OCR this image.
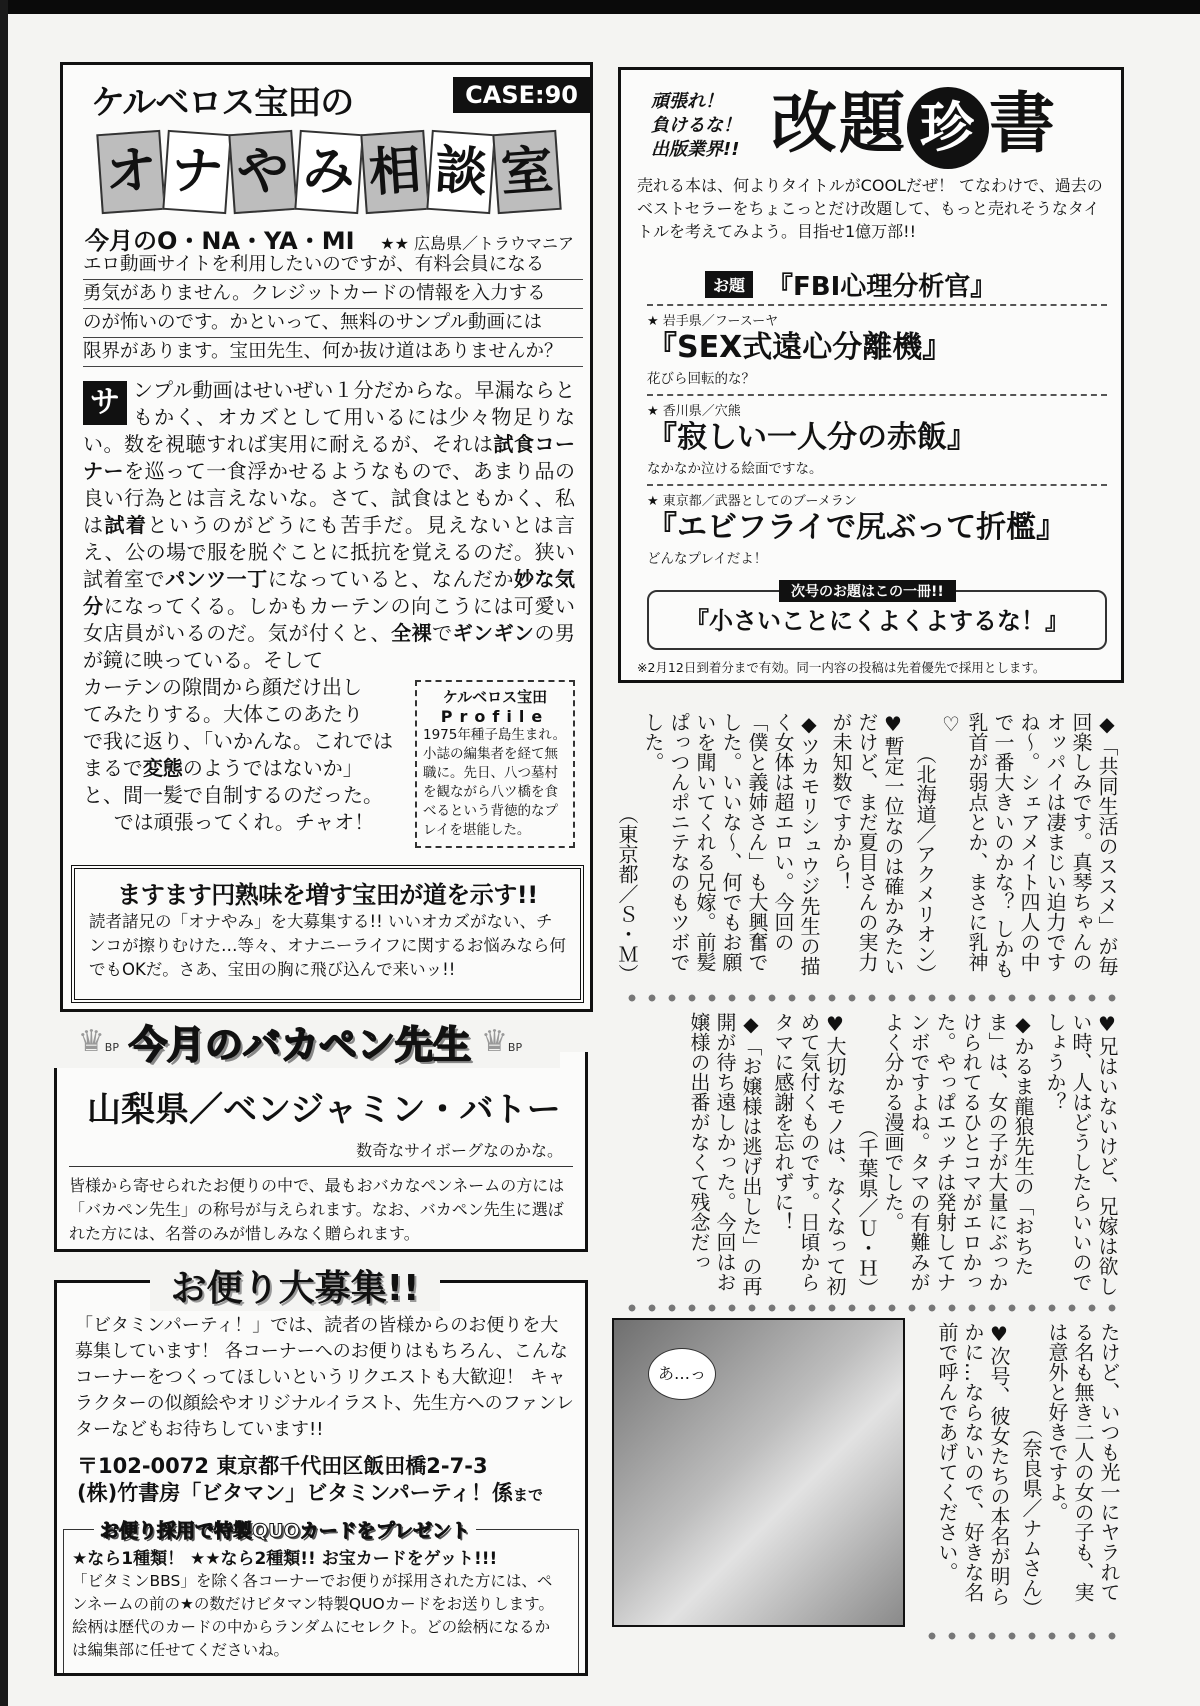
ケルベロス宝田の	CASE:90
オ ナ や み 相 談 室
今月のO・NA・YA・MI ★★ 広島県／トラウマニア
エロ動画サイトを利用したいのですが、有料会員になる
勇気がありません。クレジットカードの情報を入力する
のが怖いのです。かといって、無料のサンプル動画には
限界があります。宝田先生、何か抜け道はありませんか？
サ ンプル動画はせいぜい１分だからな。早漏ならともかく、オカズとして用いるには少々物足りない。数を視聴すれば実用に耐えるが、それは試食コーナーを巡って一食浮かせるようなもので、あまり品の良い行為とは言えないな。さて、試食はともかく、私は試着というのがどうにも苦手だ。見えないとは言え、公の場で服を脱ぐことに抵抗を覚えるのだ。狭い試着室でパンツ一丁になっていると、なんだか妙な気分になってくる。しかもカーテンの向こうには可愛い女店員がいるのだ。気が付くと、全裸でギンギンの男が鏡に映っている。そして
カーテンの隙間から顔だけ出し
てみたりする。大体このあたり
で我に返り、「いかんな。これでは
まるで変態のようではないか」
と、間一髪で自制するのだった。
では頑張ってくれ。チャオ！
ケルベロス宝田
Profile
1975年種子島生まれ。小誌の編集者を経て無職に。先日、八つ墓村を観ながら八ツ橋を食べるという背徳的なプレイを堪能した。
ますます円熟味を増す宝田が道を示す!!

読者諸兄の「オナやみ」を大募集する!! いいオカズがない、チンコが擦りむけた…等々、オナニーライフに関するお悩みなら何でもOKだ。さあ、宝田の胸に飛び込んで来いッ!!

山梨県／ベンジャミン・バトー
数奇なサイボーグなのかな。
皆様から寄せられたお便りの中で、最もおバカなペンネームの方には「バカペン先生」の称号が与えられます。なお、バカペン先生に選ばれた方には、名誉のみが惜しみなく贈られます。
♛BP 今月のバカペン先生 ♛BP
「ビタミンパーティ！」では、読者の皆様からのお便りを大募集しています！ 各コーナーへのお便りはもちろん、こんなコーナーをつくってほしいというリクエストも大歓迎！ キャラクターの似顔絵やオリジナルイラスト、先生方へのファンレターなどもお待ちしています!!
〒102-0072 東京都千代田区飯田橋2-7-3
(株)竹書房「ビタマン」ビタミンパーティ！係まで
お便り採用で特製QUOカードをプレゼント
★なら1種類！ ★★なら2種類!! お宝カードをゲット!!!
「ビタミンBBS」を除く各コーナーでお便りが採用された方には、ペンネームの前の★の数だけビタマン特製QUOカードをお送りします。絵柄は歴代のカードの中からランダムにセレクト。どの絵柄になるかは編集部に任せてくださいね。
お便り大募集!!
頑張れ！
負けるな！
出版業界!! 改題 珍 書
売れる本は、何よりタイトルがCOOLだぜ！ てなわけで、過去のベストセラーをちょこっとだけ改題して、もっと売れそうなタイトルを考えてみよう。目指せ1億万部!!
お題 『FBI心理分析官』
★ 岩手県／フースーヤ
『SEX式遠心分離機』
花びら回転的な？
★ 香川県／穴熊
『寂しい一人分の赤飯』
なかなか泣ける絵面ですな。
★ 東京都／武器としてのブーメラン
『エビフライで尻ぶって折檻』
どんなプレイだよ！
次号のお題はこの一冊!!
『小さいことにくよくよするな！』
※2月12日到着分まで有効。同一内容の投稿は先着優先で採用とします。

◆「共同生活のススメ」が毎回楽しみです。真琴ちゃんのオッパイは凄まじい迫力ですね～。シェアメイト四人の中で一番大きいのかな？ しかも乳首が弱点とか、まさに乳神♡
（北海道／アクメリオン）

♥暫定一位なのは確かみたいだけど、まだ夏目さんの実力が未知数ですから！

◆ツカモリシュウジ先生の描く女体は超エロい。今回の「僕と義姉さん」も大興奮でした。いいな～、何でもお願いを聞いてくれる兄嫁。前髪ぱっつんポニテなのもツボでした。
（東京都／Ｓ・Ｍ）

♥兄はいないけど、兄嫁は欲しい時、人はどうしたらいいのでしょうか？

◆かるま龍狼先生の「おちたま」は、女の子が大量にぶっかけられてるひとコマがエロかった。やっぱエッチは発射してナンボですよね。タマの有難みがよく分かる漫画でした。
（千葉県／Ｕ・Ｈ）

♥大切なモノは、なくなって初めて気付くものです。日頃からタマに感謝を忘れずに！

◆「お嬢様は逃げ出した」の再開が待ち遠しかった。今回はお嬢様の出番がなくて残念だっ

あ…っ	たけど、いつも光一にヤラれてる名も無き二人の女の子も、実は意外と好きですよ。
（奈良県／ナムさん）

♥次号、彼女たちの本名が明らかに…ならないので、好きな名前で呼んであげてください。
